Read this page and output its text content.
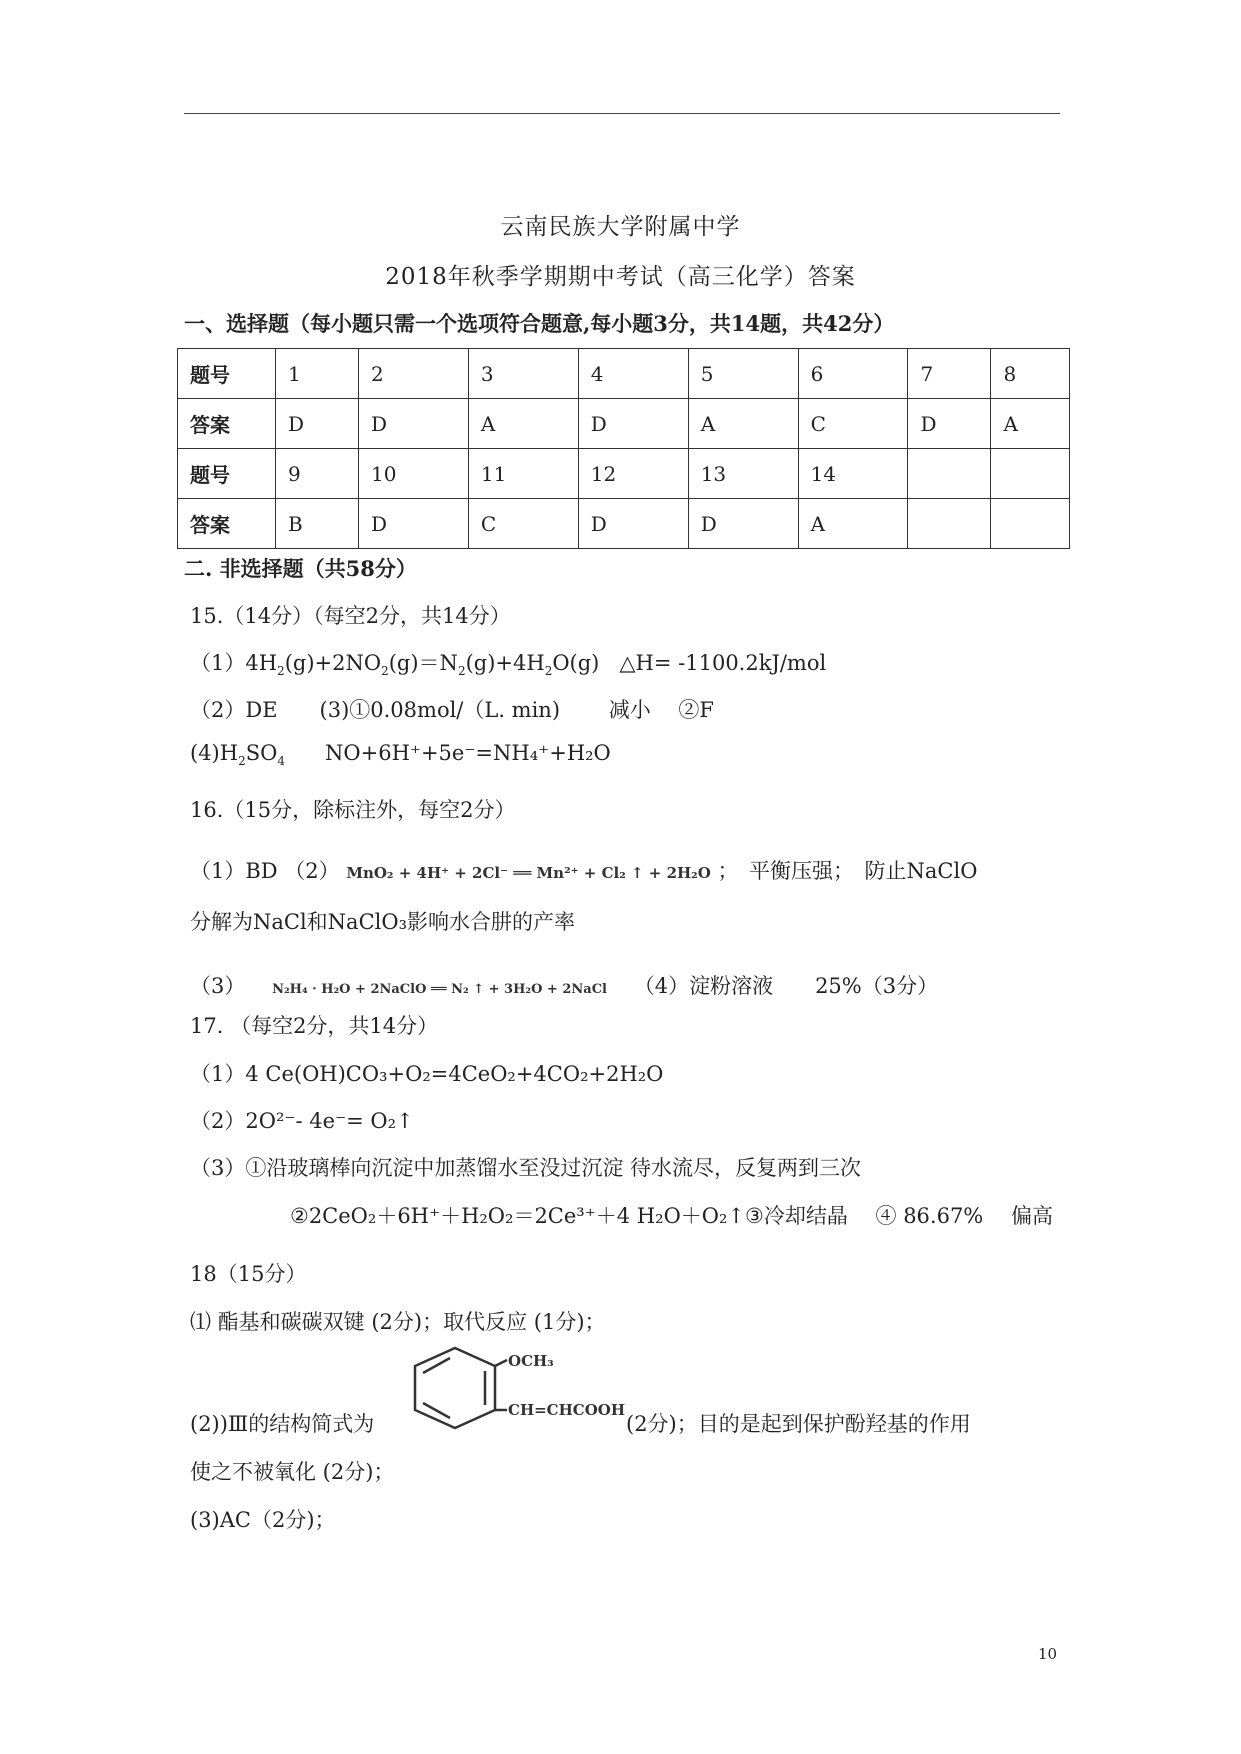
云南民族大学附属中学
2018年秋季学期期中考试（高三化学）答案
一、选择题（每小题只需一个选项符合题意,每小题3分，共14题，共42分）
题号	1	2	3	4	5	6	7	8
答案	D	D	A	D	A	C	D	A
题号	9	10	11	12	13	14		
答案	B	D	C	D	D	A		
二. 非选择题（共58分）
15.（14分）（每空2分，共14分）
$(1)4H_2(g)+2NO_2(g)=N_2(g)+4H_2O(g)$   △H= -1100.2kJ/mol
（2）DE　　(3)①0.08mol/（L. min)　　 减小　 ②F
$(4)H_2SO_4$ NO+6H⁺+5e⁻=NH₄⁺+H₂O
16.（15分，除标注外，每空2分）
（1）BD （2） MnO₂ + 4H⁺ + 2Cl⁻ ══ Mn²⁺ + Cl₂ ↑ + 2H₂O ；　平衡压强；　防止NaClO
分解为NaCl和NaClO₃影响水合肼的产率
（3） N₂H₄ · H₂O + 2NaClO ══ N₂ ↑ + 3H₂O + 2NaCl （4）淀粉溶液　　25%（3分）
17. （每空2分，共14分）
（1）4 Ce(OH)CO₃+O₂=4CeO₂+4CO₂+2H₂O
（2）2O²⁻- 4e⁻= O₂↑
（3）①沿玻璃棒向沉淀中加蒸馏水至没过沉淀 待水流尽，反复两到三次
②2CeO₂＋6H⁺＋H₂O₂＝2Ce³⁺＋4 H₂O＋O₂↑③冷却结晶　 ④ 86.67%　 偏高
18（15分）
⑴ 酯基和碳碳双键 (2分)；取代反应 (1分)；
OCH₃
CH=CHCOOH
(2))Ⅲ的结构简式为	(2分)；目的是起到保护酚羟基的作用
使之不被氧化 (2分)；
(3)AC（2分)；
10
